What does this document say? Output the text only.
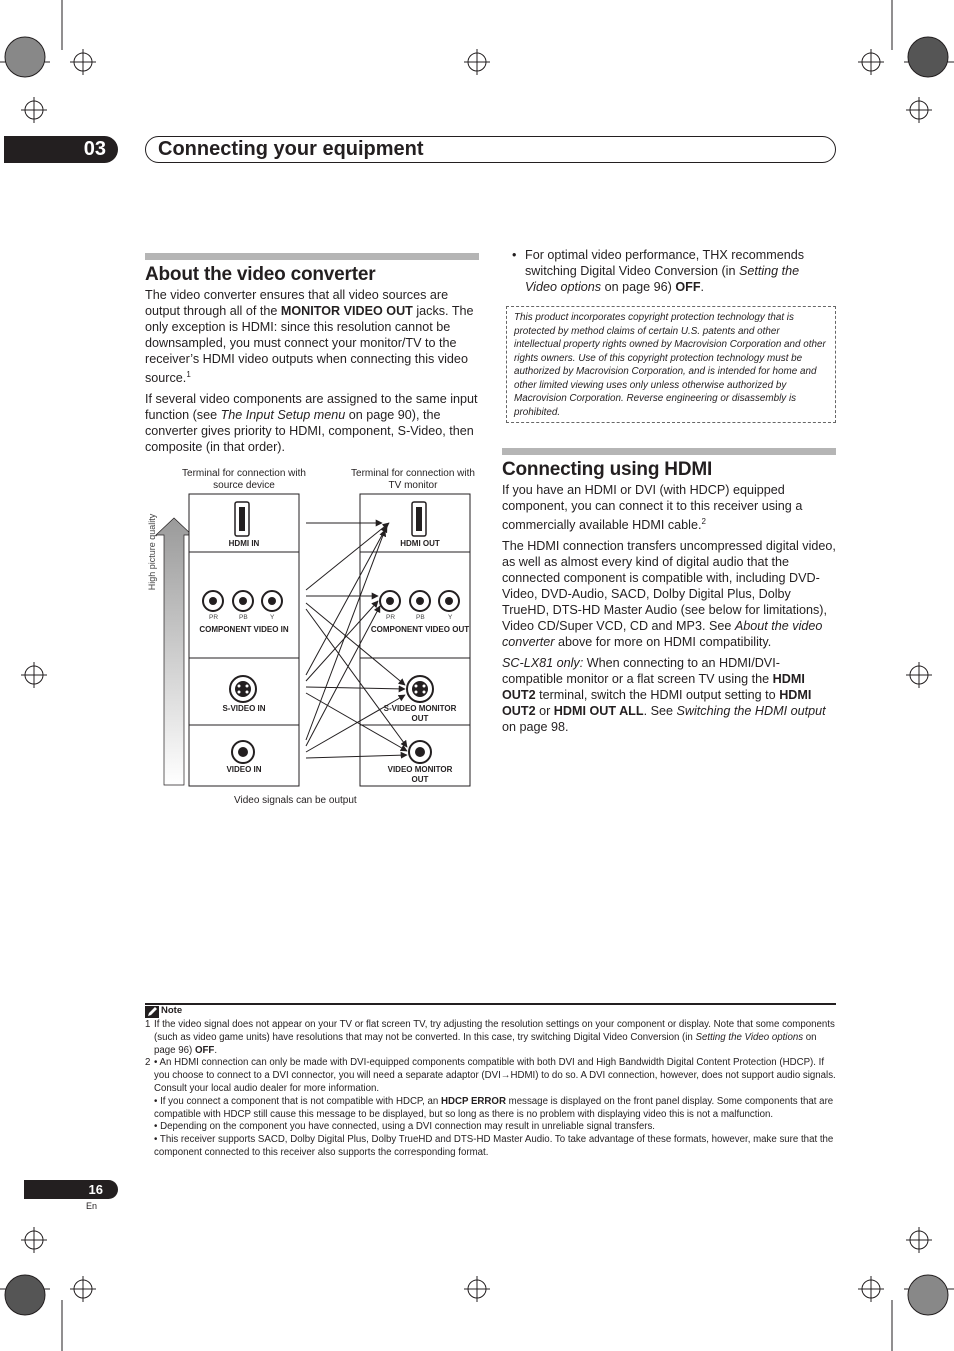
03	Connecting your equipment
About the video converter

The video converter ensures that all video sources are output through all of the MONITOR VIDEO OUT jacks. The only exception is HDMI: since this resolution cannot be downsampled, you must connect your monitor/TV to the receiver’s HDMI video outputs when connecting this video source.$^1$

If several video components are assigned to the same input function (see The Input Setup menu on page 90), the converter gives priority to HDMI, component, S-Video, then composite (in that order).

Terminal for connection with source device
Terminal for connection with TV monitor
High picture quality	HDMI IN
COMPONENT VIDEO IN
S-VIDEO IN
VIDEO IN
HDMI OUT
COMPONENT VIDEO OUT
S-VIDEO MONITOR OUT
VIDEO MONITOR OUT
PR	PB	Y	PR	PB	Y
Video signals can be output
• For optimal video performance, THX recommends switching Digital Video Conversion (in Setting the Video options on page 96) OFF.
This product incorporates copyright protection technology that is protected by method claims of certain U.S. patents and other intellectual property rights owned by Macrovision Corporation and other rights owners. Use of this copyright protection technology must be authorized by Macrovision Corporation, and is intended for home and other limited viewing uses only unless otherwise authorized by Macrovision Corporation. Reverse engineering or disassembly is prohibited.
Connecting using HDMI

If you have an HDMI or DVI (with HDCP) equipped component, you can connect it to this receiver using a commercially available HDMI cable.$^2$

The HDMI connection transfers uncompressed digital video, as well as almost every kind of digital audio that the connected component is compatible with, including DVD-Video, DVD-Audio, SACD, Dolby Digital Plus, Dolby TrueHD, DTS-HD Master Audio (see below for limitations), Video CD/Super VCD, CD and MP3. See About the video converter above for more on HDMI compatibility.

SC-LX81 only: When connecting to an HDMI/DVI-compatible monitor or a flat screen TV using the HDMI OUT2 terminal, switch the HDMI output setting to HDMI OUT2 or HDMI OUT ALL. See Switching the HDMI output on page 98.

Note
1 If the video signal does not appear on your TV or flat screen TV, try adjusting the resolution settings on your component or display. Note that some components (such as video game units) have resolutions that may not be converted. In this case, try switching Digital Video Conversion (in Setting the Video options on page 96) OFF.
2 • An HDMI connection can only be made with DVI-equipped components compatible with both DVI and High Bandwidth Digital Content Protection (HDCP). If you choose to connect to a DVI connector, you will need a separate adaptor (DVI→HDMI) to do so. A DVI connection, however, does not support audio signals. Consult your local audio dealer for more information.
• If you connect a component that is not compatible with HDCP, an HDCP ERROR message is displayed on the front panel display. Some components that are compatible with HDCP still cause this message to be displayed, but so long as there is no problem with displaying video this is not a malfunction.
• Depending on the component you have connected, using a DVI connection may result in unreliable signal transfers.
• This receiver supports SACD, Dolby Digital Plus, Dolby TrueHD and DTS-HD Master Audio. To take advantage of these formats, however, make sure that the component connected to this receiver also supports the corresponding format.
16
En
